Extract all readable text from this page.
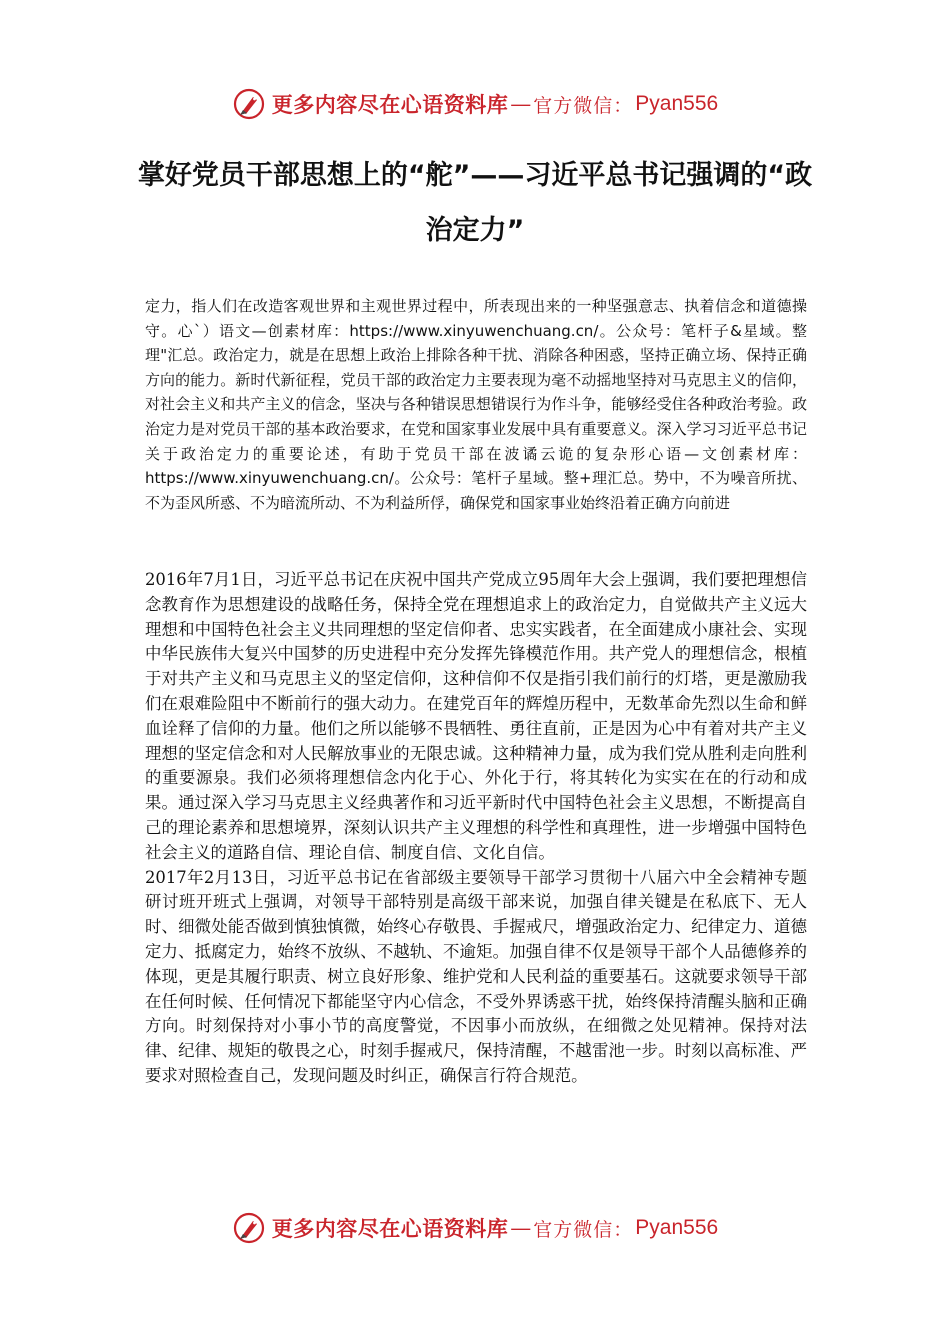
更多内容尽在心语资料库 — 官方微信： Pyan556
掌好党员干部思想上的“舵”——习近平总书记强调的“政治定力”

定力，指人们在改造客观世界和主观世界过程中，所表现出来的一种坚强意志、执着信念和道德操守。心`）语文—创素材库：https://www.xinyuwenchuang.cn/。公众号：笔杆子&星域。整理"汇总。政治定力，就是在思想上政治上排除各种干扰、消除各种困惑，坚持正确立场、保持正确方向的能力。新时代新征程，党员干部的政治定力主要表现为毫不动摇地坚持对马克思主义的信仰，对社会主义和共产主义的信念，坚决与各种错误思想错误行为作斗争，能够经受住各种政治考验。政治定力是对党员干部的基本政治要求，在党和国家事业发展中具有重要意义。深入学习习近平总书记关于政治定力的重要论述，有助于党员干部在波谲云诡的复杂形心语—文创素材库：https://www.xinyuwenchuang.cn/。公众号：笔杆子星域。整+理汇总。势中，不为噪音所扰、不为歪风所惑、不为暗流所动、不为利益所俘，确保党和国家事业始终沿着正确方向前进

2016年7月1日，习近平总书记在庆祝中国共产党成立95周年大会上强调，我们要把理想信念教育作为思想建设的战略任务，保持全党在理想追求上的政治定力，自觉做共产主义远大理想和中国特色社会主义共同理想的坚定信仰者、忠实实践者，在全面建成小康社会、实现中华民族伟大复兴中国梦的历史进程中充分发挥先锋模范作用。共产党人的理想信念，根植于对共产主义和马克思主义的坚定信仰，这种信仰不仅是指引我们前行的灯塔，更是激励我们在艰难险阻中不断前行的强大动力。在建党百年的辉煌历程中，无数革命先烈以生命和鲜血诠释了信仰的力量。他们之所以能够不畏牺牲、勇往直前，正是因为心中有着对共产主义理想的坚定信念和对人民解放事业的无限忠诚。这种精神力量，成为我们党从胜利走向胜利的重要源泉。我们必须将理想信念内化于心、外化于行，将其转化为实实在在的行动和成果。通过深入学习马克思主义经典著作和习近平新时代中国特色社会主义思想，不断提高自己的理论素养和思想境界，深刻认识共产主义理想的科学性和真理性，进一步增强中国特色社会主义的道路自信、理论自信、制度自信、文化自信。

2017年2月13日，习近平总书记在省部级主要领导干部学习贯彻十八届六中全会精神专题研讨班开班式上强调，对领导干部特别是高级干部来说，加强自律关键是在私底下、无人时、细微处能否做到慎独慎微，始终心存敬畏、手握戒尺，增强政治定力、纪律定力、道德定力、抵腐定力，始终不放纵、不越轨、不逾矩。加强自律不仅是领导干部个人品德修养的体现，更是其履行职责、树立良好形象、维护党和人民利益的重要基石。这就要求领导干部在任何时候、任何情况下都能坚守内心信念，不受外界诱惑干扰，始终保持清醒头脑和正确方向。时刻保持对小事小节的高度警觉，不因事小而放纵，在细微之处见精神。保持对法律、纪律、规矩的敬畏之心，时刻手握戒尺，保持清醒，不越雷池一步。时刻以高标准、严要求对照检查自己，发现问题及时纠正，确保言行符合规范。

更多内容尽在心语资料库 — 官方微信： Pyan556
